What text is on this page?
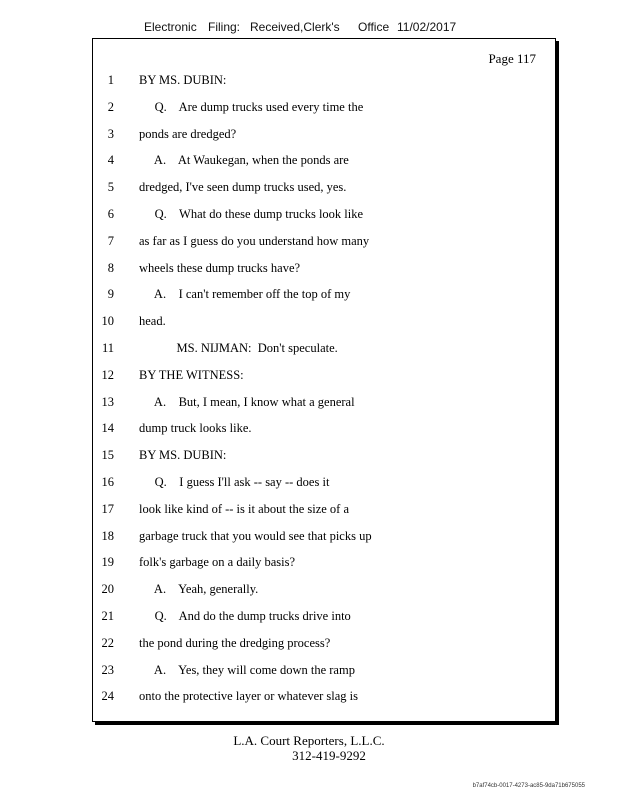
Electronic Filing: Received,Clerk's Office 11/02/2017
Page 117
1 BY MS. DUBIN:
2 Q.    Are dump trucks used every time the
3 ponds are dredged?
4 A.    At Waukegan, when the ponds are
5 dredged, I've seen dump trucks used, yes.
6 Q.    What do these dump trucks look like
7 as far as I guess do you understand how many
8 wheels these dump trucks have?
9 A.    I can't remember off the top of my
10 head.
11 MS. NIJMAN:  Don't speculate.
12 BY THE WITNESS:
13 A.    But, I mean, I know what a general
14 dump truck looks like.
15 BY MS. DUBIN:
16 Q.    I guess I'll ask -- say -- does it
17 look like kind of -- is it about the size of a
18 garbage truck that you would see that picks up
19 folk's garbage on a daily basis?
20 A.    Yeah, generally.
21 Q.    And do the dump trucks drive into
22 the pond during the dredging process?
23 A.    Yes, they will come down the ramp
24 onto the protective layer or whatever slag is
L.A. Court Reporters, L.L.C.
312-419-9292
b7af74cb-0017-4273-ac85-9da71b675055
